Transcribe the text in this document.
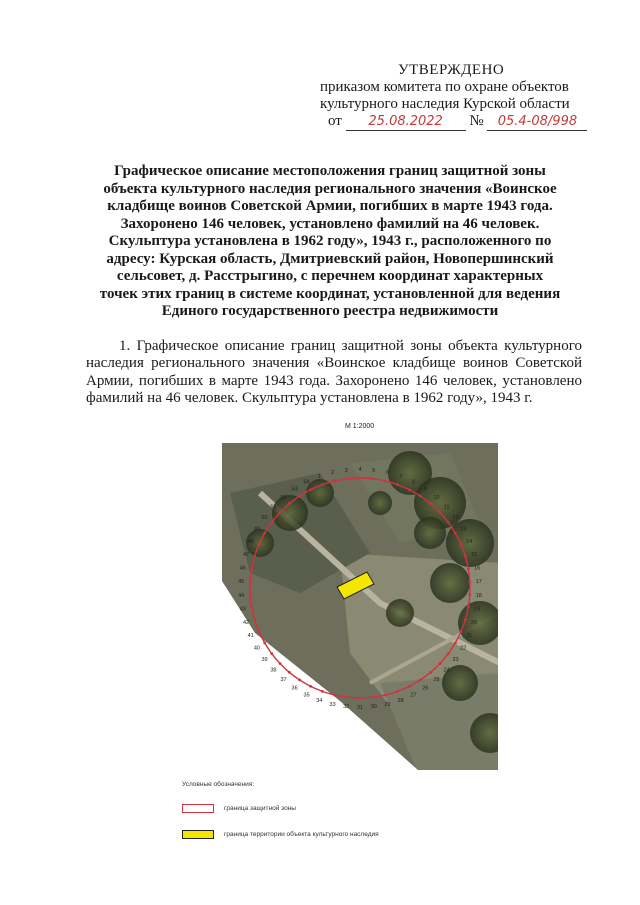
УТВЕРЖДЕНО
приказом комитета по охране объектов
культурного наследия Курской области
от 25.08.2022 № 05.4-08/998
Графическое описание местоположения границ защитной зоны
объекта культурного наследия регионального значения «Воинское
кладбище воинов Советской Армии, погибших в марте 1943 года.
Захоронено 146 человек, установлено фамилий на 46 человек.
Скульптура установлена в 1962 году», 1943 г., расположенного по
адресу: Курская область, Дмитриевский район, Новопершинский
сельсовет, д. Расстрыгино, с перечнем координат характерных
точек этих границ в системе координат, установленной для ведения
Единого государственного реестра недвижимости
1. Графическое описание границ защитной зоны объекта культурного наследия регионального значения «Воинское кладбище воинов Советской Армии, погибших в марте 1943 года. Захоронено 146 человек, установлено фамилий на 46 человек. Скульптура установлена в 1962 году», 1943 г.
М 1:2000
1
2 3 4 5 6
7
8
9
10
11
12
13
14
15
16
17
18
19
20
21
22
23
24
25
26
27
28
29
30
31
32
33
34
35
36
37
38
39
40
41
42
43
44
45
46
47
48
49
50
51
52
53
54
Условные обозначения:
граница защитной зоны
граница территории объекта культурного наследия
